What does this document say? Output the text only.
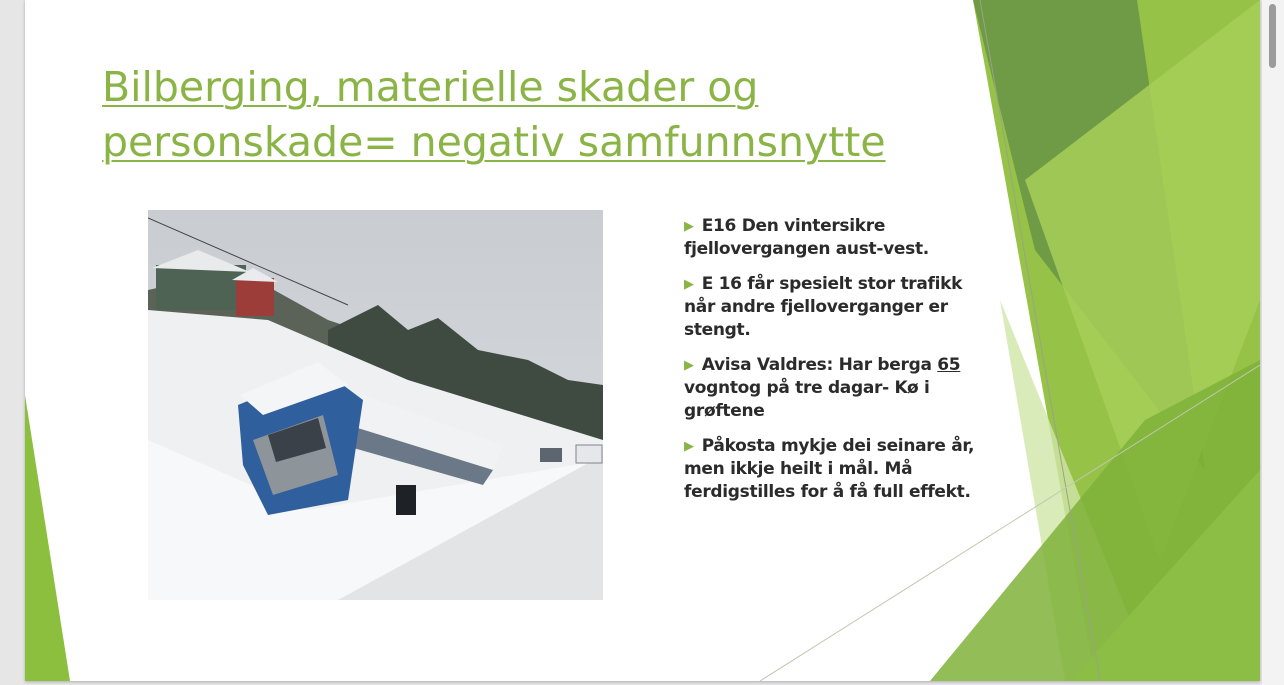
Bilberging, materielle skader og personskade= negativ samfunnsnytte
▶ E16 Den vintersikre fjellovergangen aust-vest.
▶ E 16 får spesielt stor trafikk når andre fjelloverganger er stengt.
▶ Avisa Valdres: Har berga 65 vogntog på tre dagar- Kø i grøftene
▶ Påkosta mykje dei seinare år, men ikkje heilt i mål. Må ferdigstilles for å få full effekt.
